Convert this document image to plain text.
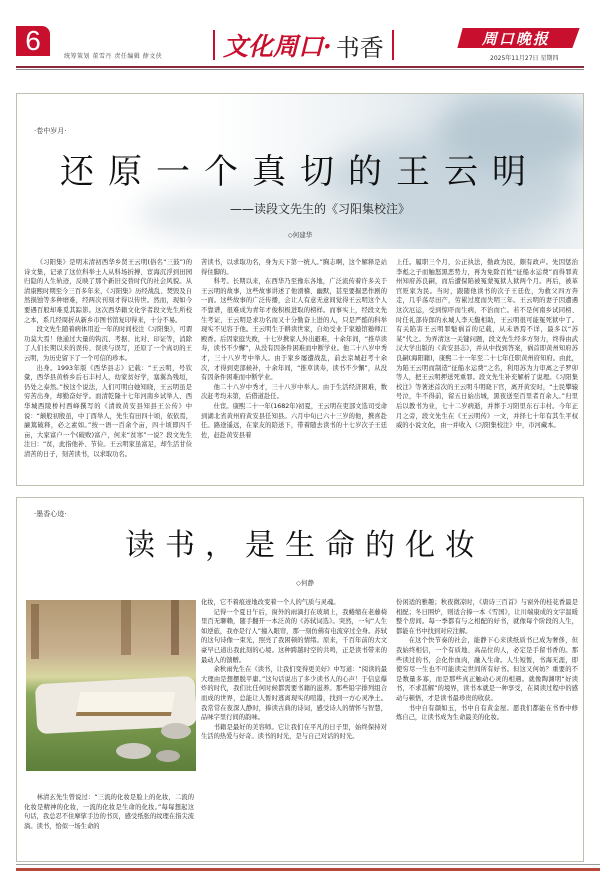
6
统筹策划 董雪丹 责任编辑 薛文侠 文化周口· 书香	周口晚报
2025年11月27日 星期四
·卷中岁月·
还原一个真切的王云明
——读段文先生的《习阳集校注》
◇何建华

《习阳集》是明末清初西华乡贤王云明(俗名“三鼓”)的诗文集，记录了这位科举士人从科场折搏、宦海沉浮到田园归隐的人生轨迹，反映了那个新旧交替时代的社会风貌。从清康熙时期至今三百多年来，《习阳集》历经战乱、焚毁及自然损蚀等多种磨难，经两次刊刻才得以传世。然而，现如今要遇百般却难觅其踪影。这次西华籍文化学者段文先生所校之本，系几经周折从新乡市图书馆复印得来，十分不易。

段文先生随着病体用近一年的时间校注《习阳集》，可谓功莫大焉！他通过大量的钩沉、考据、比对、印证等，消除了人们长期以来的误传、误读与误写，还原了一个真切的王云明，为历史留下了一个可信的珍本。

出身。1993年版《西华县志》记载：“王云明，号钦彙，西华县黄桥乡后石丰村人，幼家贫好学，塞翼為残垣，仍处之泰然。”按这个说法，人们可明白她知晓，王云明虽是穷苦出身，却勤奋好学。而清乾隆十七年河南乡试举人、西华城西陵桥村西峰撰写的《清故黄安县知县王公传》中说：“颠般初殷虽，中丁酉举人，先生有田四十顷，依依焉，廉篤破释，必之素如。”按一语一百余个亩，四十顷即四千亩，大家富户一个(破败)富户，何来“贫寒”一说？段文先生注日：“贫，此指他补、节俭。王云明家虽富足，却生活甘俭清苦的日子，刻苦读书，以求取功名。

苦读书，以求取功名，身为天下第一统人。”胸志啊，这个解释是站得住脚的。

科考。长期以来，在西华乃至豫东各地，广泛流传着许多关于王云明的故事，这些故事讲述了他滑稽、幽默，甚至要掘恶作剧的一面。这些故事的广泛传播，会让人有意无意间觉得王云明这个人不靠谱，很难成为青年才俊积极进取的榜样。而事实上，经段文先生考证，王云明是求功名而又十分勤奋上进的人，只是严酷的科举现实不见容于他。王云明生于耕读世家，自幼受业于家塾馆塾师江殿香。后因家庭失败，十七岁携家人外出避难，十余年间，“推草读寿，读书不少懈”，从没有因条件困难而中断学业。他二十八岁中秀才，三十八岁考中举人。由于家乡屡遭战乱，前去京城赶考十余次，才得到吏部候补，十余年间，“推草读寿，读书不少懈”，从没有因条件困难而中断学业。

他二十八岁中秀才，三十八岁中举人。由于生活经济困难，数次赶考均未第，后借道赴任。

仕宦。康熙二十一年(1682年)初夏，王云明在吏部文选司受命到湖北省黄州府黄安县任知县。六月中旬已六十三岁的他，携喜赴任。路途遥远，在家友的陪送下，带着随去读书的十七岁次子王廷佐，赶赴黄安县着

上任。履职三个月，公正执法，勤政为民，颇有政声。先因惩治李彪之子而触怒黑恶势力，再为免除百姓“征船水运费”而得罪黄州知府苏良嗣，而后遭保陷被冤蒙冤狱人狱两个月。再后，被革官贬家为民。当时，跟随他读书的次子王廷佐，为救父四方奔走，几乎荡尽田产，劳累过度而失明三年。王云明的妻子因遭遇这次厄运，受到惊吓而生病，不治而亡。若不是何南乡试同榜、时任礼部侍郎的永城人李天馥相助，王云明很可能冤死狱中了。有关陷害王云明罪魁祸首的记载，从未语焉不详，最多以“苏某”代之。为弄清这一关键问题，段文先生经多方努力，终得由武汉大学出版的《黄安县志》，并从中找到答案，祸首即黄州知府苏良嗣(海阳籍)，康熙二十一年至二十七年任职黄州府知府。由此，为陷王云明而制造“征船水运费”之名，利用苏为力审离之子罗卯等人，把王云明押送死重罪。段文先生补充解析了说理。《习阳集校注》等著述首次的王云明斗明晓下官，离开黄安时，“士民攀辕号泣，牛不得前，留五日始出城，黑夜送至百里者百余人。”归里后以教书为业，七十二岁病逝，并葬于习阳里东石丰村。今年正月之旁，段文先生在《王云明传》一文，并择七十年有其生平权威的小说文化，由一并收入《习阳集校注》中，市河藏本。

·墨香心迹·
读书，是生命的化妆
◇何静

林清玄先生曾说过：“三流的化妆是脸上的化妆，二流的化妆是精神的化妆，一流的化妆是生命的化妆。”每每想起这句话，我总忍不住摩挲手边的书页，感受纸张的纹理在指尖流淌。读书，恰似一场生命的

化妆，它不着痕迹地改变着一个人的气质与灵魂。

记得一个夏日午后，窗外的雨滴打在玻璃上，我蜷缩在老藤椅里百无聊赖，随手翻开一本泛黄的《苏轼词选》。突然，一句“人生如逆旅，我亦是行人”撞入眼帘，那一刻仿佛有电流穿过全身。苏轼的这句诗像一束光，照亮了我困顿的情绪。原来，千百年前的大文豪早已道出我此刻的心境。这种跨越时空的共鸣，正是读书带来的最动人的馈赠。

余秋雨先生在《读书，让我们变得更美好》中写道：“阅读的最大理由是想摆脱平庸。”这句话说出了多少读书人的心声！于信息爆炸的时代，我们比任何时候都需要书籍的滋养。那些铅字排列组合而成的世界，总能让人暂时逃离现实的喧嚣，找到一方心灵净土。我常常在夜深人静时，捧读古典的诗词，感受诗人的情怀与智慧，品味字里行间的韵味。

书籍是最好的美容师。它让我们在平凡的日子里，始终保持对生活的热爱与好奇。读书的时光，是与自己对话的时光。

份闲适的雅趣；秋夜微凉时，《唐诗三百首》与窗外的桂花香最是相配；冬日围炉，则适合捧一本《雪国》，让川端康成的文字温暖整个房间。每一季都有与之相配的好书，就像每个阶段的人生，都能在书中找到对应注解。

在这个快节奏的社会，能静下心来读纸质书已成为奢侈，但我始终相信，一个有质地、高品位的人，必定是手留书香的。那些读过的书，会化作血肉，融入生命。人生短暂，书海无涯，即使穷尽一生也不可能读完世间所有好书。但这又何妨？重要的不是数量多寡，而是那些真正触动心灵的相遇。就像陶渊明“好读书，不求甚解”的境界，读书本就是一种享受，在阅读过程中的感动与顿悟，才是读书最珍贵的收获。

书中自有颜如玉，书中自有黄金屋。愿我们都能在书香中修炼自己，让读书成为生命最美的化妆。
